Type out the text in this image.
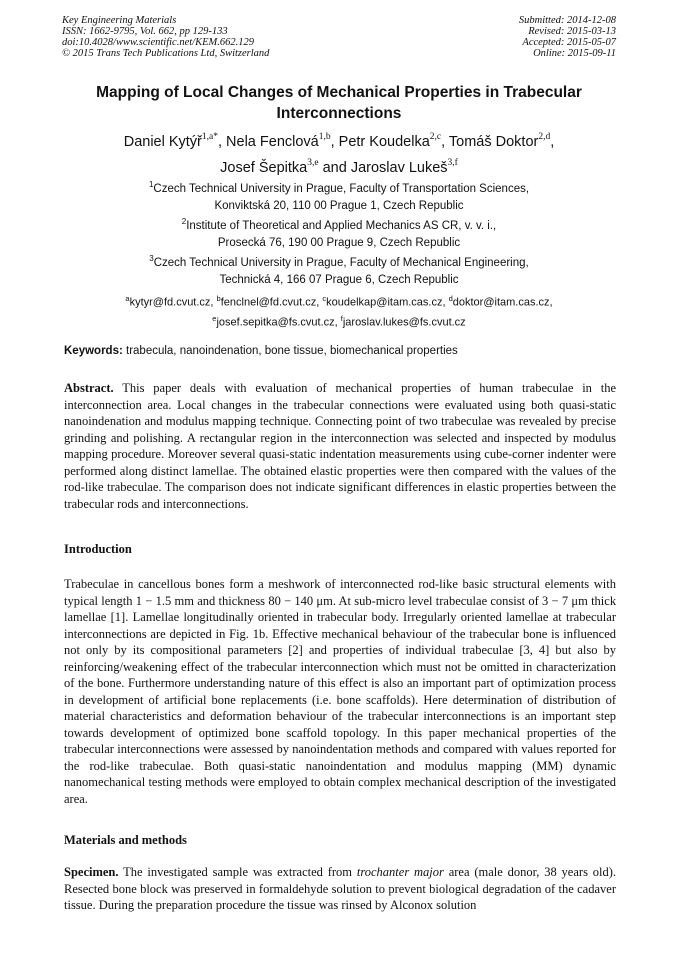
Key Engineering Materials
ISSN: 1662-9795, Vol. 662, pp 129-133
doi:10.4028/www.scientific.net/KEM.662.129
© 2015 Trans Tech Publications Ltd, Switzerland
Submitted: 2014-12-08
Revised: 2015-03-13
Accepted: 2015-05-07
Online: 2015-09-11
Mapping of Local Changes of Mechanical Properties in Trabecular
Interconnections
Daniel Kytýř$^{1,a*}$, Nela Fenclová$^{1,b}$, Petr Koudelka$^{2,c}$, Tomáš Doktor$^{2,d}$,
Josef Šepitka$^{3,e}$ and Jaroslav Lukeš$^{3,f}$
$^1$Czech Technical University in Prague, Faculty of Transportation Sciences,
Konviktská 20, 110 00 Prague 1, Czech Republic
$^2$Institute of Theoretical and Applied Mechanics AS CR, v. v. i.,
Prosecká 76, 190 00 Prague 9, Czech Republic
$^3$Czech Technical University in Prague, Faculty of Mechanical Engineering,
Technická 4, 166 07 Prague 6, Czech Republic
$^a$kytyr@fd.cvut.cz, $^b$fenclnel@fd.cvut.cz, $^c$koudelkap@itam.cas.cz, $^d$doktor@itam.cas.cz,
$^e$josef.sepitka@fs.cvut.cz, $^f$jaroslav.lukes@fs.cvut.cz
Keywords: trabecula, nanoindenation, bone tissue, biomechanical properties
Abstract. This paper deals with evaluation of mechanical properties of human trabeculae in the interconnection area. Local changes in the trabecular connections were evaluated using both quasi-static nanoindenation and modulus mapping technique. Connecting point of two trabeculae was revealed by precise grinding and polishing. A rectangular region in the interconnection was selected and inspected by modulus mapping procedure. Moreover several quasi-static indentation measurements using cube-corner indenter were performed along distinct lamellae. The obtained elastic properties were then compared with the values of the rod-like trabeculae. The comparison does not indicate significant differences in elastic properties between the trabecular rods and interconnections.
Introduction
Trabeculae in cancellous bones form a meshwork of interconnected rod-like basic structural elements with typical length 1 − 1.5 mm and thickness 80 − 140 μm. At sub-micro level trabeculae consist of 3 − 7 μm thick lamellae [1]. Lamellae longitudinally oriented in trabecular body. Irregularly oriented lamellae at trabecular interconnections are depicted in Fig. 1b. Effective mechanical behaviour of the trabecular bone is influenced not only by its compositional parameters [2] and properties of individual trabeculae [3, 4] but also by reinforcing/weakening effect of the trabecular interconnection which must not be omitted in characterization of the bone. Furthermore understanding nature of this effect is also an important part of optimization process in development of artificial bone replacements (i.e. bone scaffolds). Here determination of distribution of material characteristics and deformation behaviour of the trabecular interconnections is an important step towards development of optimized bone scaffold topology. In this paper mechanical properties of the trabecular interconnections were assessed by nanoindentation methods and compared with values reported for the rod-like trabeculae. Both quasi-static nanoindentation and modulus mapping (MM) dynamic nanomechanical testing methods were employed to obtain complex mechanical description of the investigated area.
Materials and methods
Specimen. The investigated sample was extracted from trochanter major area (male donor, 38 years old). Resected bone block was preserved in formaldehyde solution to prevent biological degradation of the cadaver tissue. During the preparation procedure the tissue was rinsed by Alconox solution
